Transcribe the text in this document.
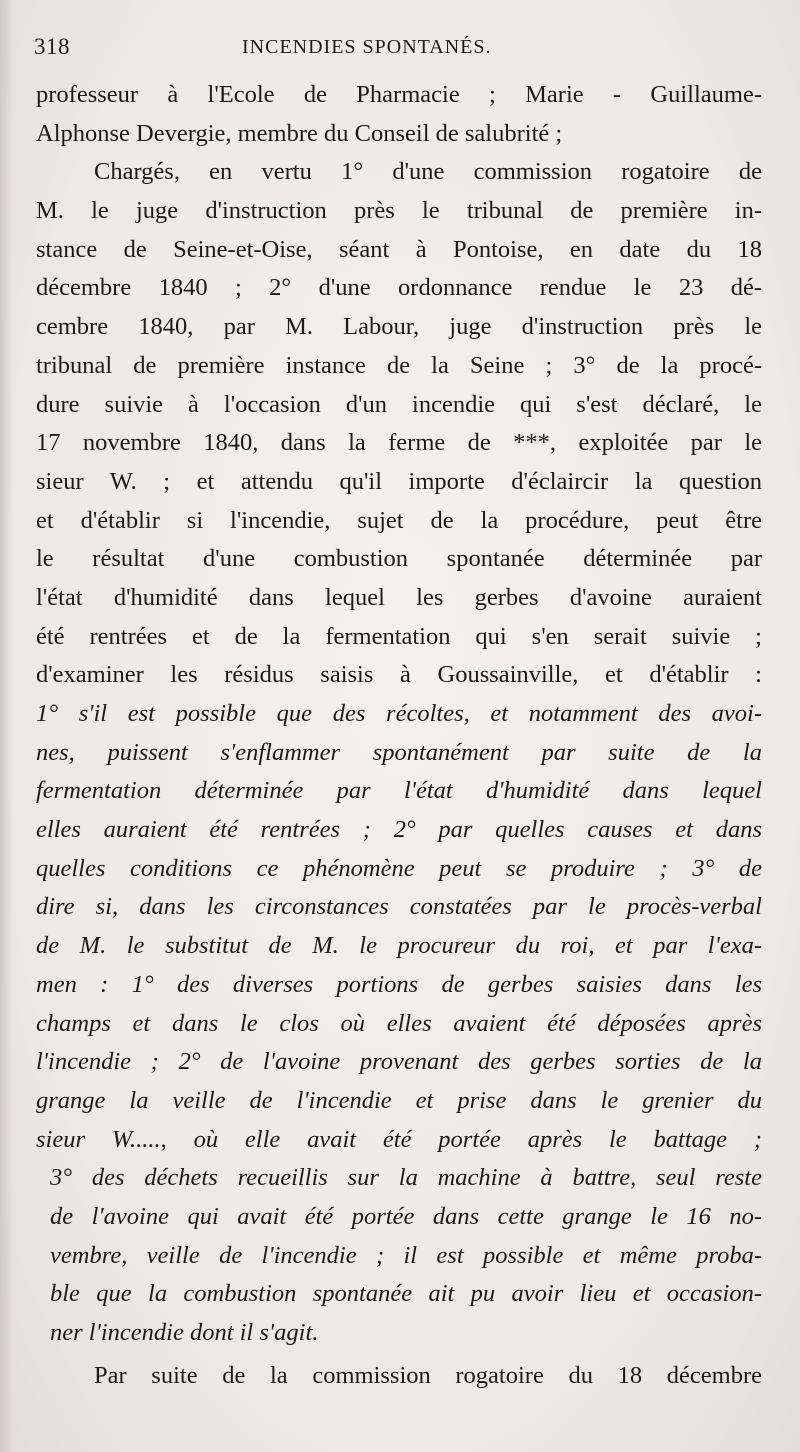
318	INCENDIES SPONTANÉS.
professeur à l'Ecole de Pharmacie ; Marie - Guillaume-
Alphonse Devergie, membre du Conseil de salubrité ;
Chargés, en vertu 1° d'une commission rogatoire de
M. le juge d'instruction près le tribunal de première in-
stance de Seine-et-Oise, séant à Pontoise, en date du 18
décembre 1840 ; 2° d'une ordonnance rendue le 23 dé-
cembre 1840, par M. Labour, juge d'instruction près le
tribunal de première instance de la Seine ; 3° de la procé-
dure suivie à l'occasion d'un incendie qui s'est déclaré, le
17 novembre 1840, dans la ferme de ***, exploitée par le
sieur W. ; et attendu qu'il importe d'éclaircir la question
et d'établir si l'incendie, sujet de la procédure, peut être
le résultat d'une combustion spontanée déterminée par
l'état d'humidité dans lequel les gerbes d'avoine auraient
été rentrées et de la fermentation qui s'en serait suivie ;
d'examiner les résidus saisis à Goussainville, et d'établir :
1° s'il est possible que des récoltes, et notamment des avoi-
nes, puissent s'enflammer spontanément par suite de la
fermentation déterminée par l'état d'humidité dans lequel
elles auraient été rentrées ; 2° par quelles causes et dans
quelles conditions ce phénomène peut se produire ; 3° de
dire si, dans les circonstances constatées par le procès-verbal
de M. le substitut de M. le procureur du roi, et par l'exa-
men : 1° des diverses portions de gerbes saisies dans les
champs et dans le clos où elles avaient été déposées après
l'incendie ; 2° de l'avoine provenant des gerbes sorties de la
grange la veille de l'incendie et prise dans le grenier du
sieur W....., où elle avait été portée après le battage ;
3° des déchets recueillis sur la machine à battre, seul reste
de l'avoine qui avait été portée dans cette grange le 16 no-
vembre, veille de l'incendie ; il est possible et même proba-
ble que la combustion spontanée ait pu avoir lieu et occasion-
ner l'incendie dont il s'agit.
Par suite de la commission rogatoire du 18 décembre
